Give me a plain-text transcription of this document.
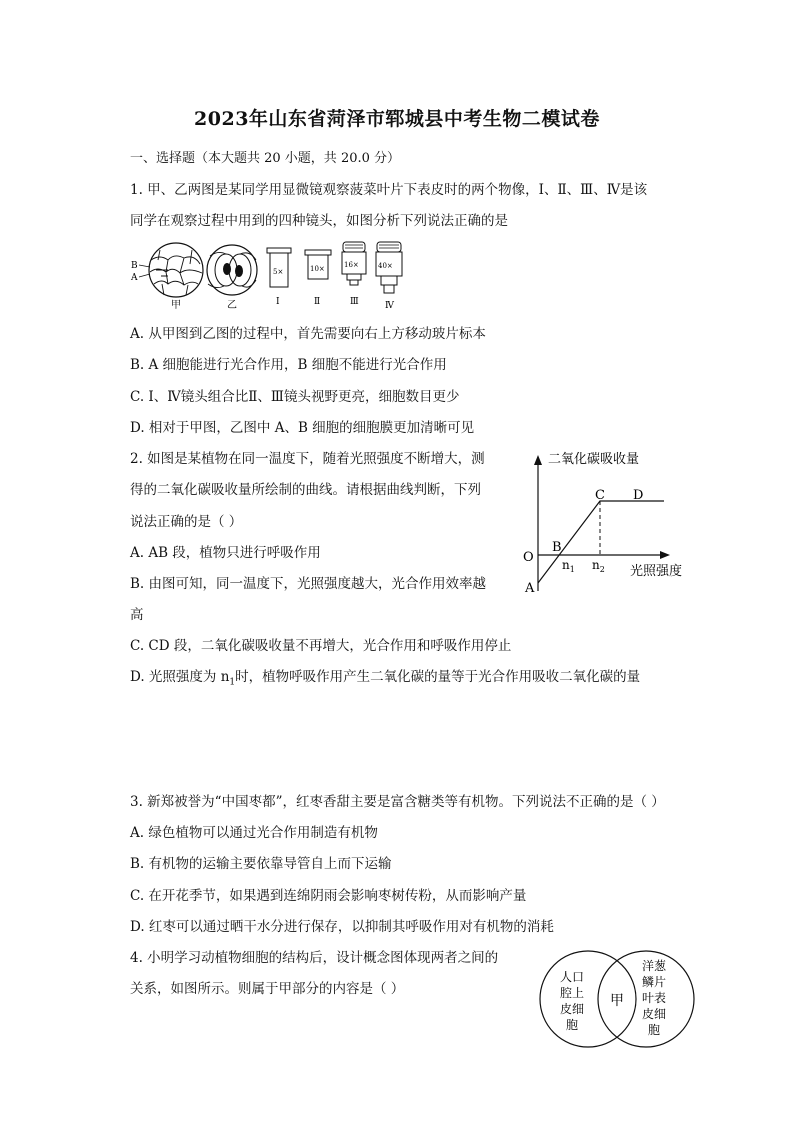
2023年山东省菏泽市郓城县中考生物二模试卷
一、选择题（本大题共 20 小题，共 20.0 分）
1. 甲、乙两图是某同学用显微镜观察菠菜叶片下表皮时的两个物像，Ⅰ、Ⅱ、Ⅲ、Ⅳ是该
同学在观察过程中用到的四种镜头，如图分析下列说法正确的是
B
A
甲	乙
5×
Ⅰ
10×
Ⅱ
16×
Ⅲ
40×
Ⅳ
A. 从甲图到乙图的过程中，首先需要向右上方移动玻片标本
B. A 细胞能进行光合作用，B 细胞不能进行光合作用
C. Ⅰ、Ⅳ镜头组合比Ⅱ、Ⅲ镜头视野更亮，细胞数目更少
D. 相对于甲图，乙图中 A、B 细胞的细胞膜更加清晰可见
2. 如图是某植物在同一温度下，随着光照强度不断增大，测
得的二氧化碳吸收量所绘制的曲线。请根据曲线判断，下列
说法正确的是（ ）
A. AB 段，植物只进行呼吸作用
B. 由图可知，同一温度下，光照强度越大，光合作用效率越
高
C. CD 段，二氧化碳吸收量不再增大，光合作用和呼吸作用停止
D. 光照强度为 $n_1$时，植物呼吸作用产生二氧化碳的量等于光合作用吸收二氧化碳的量
二氧化碳吸收量
光照强度
O
A
B
C D
$n_1$ $n_2$
3. 新郑被誉为“中国枣都”，红枣香甜主要是富含糖类等有机物。下列说法不正确的是（ ）
A. 绿色植物可以通过光合作用制造有机物
B. 有机物的运输主要依靠导管自上而下运输
C. 在开花季节，如果遇到连绵阴雨会影响枣树传粉，从而影响产量
D. 红枣可以通过晒干水分进行保存，以抑制其呼吸作用对有机物的消耗
4. 小明学习动植物细胞的结构后，设计概念图体现两者之间的
关系，如图所示。则属于甲部分的内容是（ ）
人口
腔上
皮细
胞
甲
洋葱
鳞片
叶表
皮细
胞
